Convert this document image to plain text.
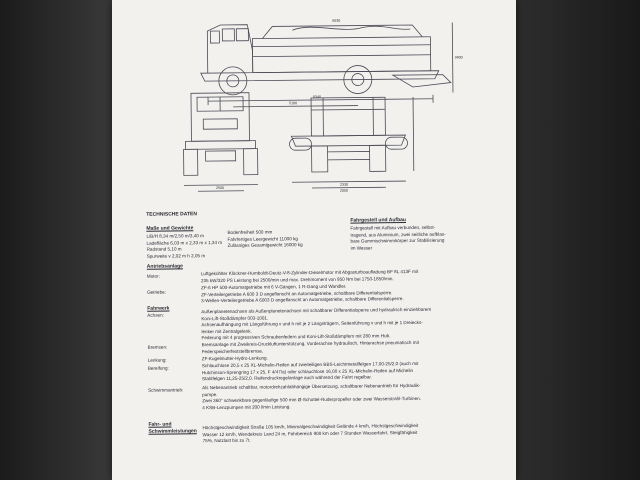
8340
5100
2500
2330
2050
3400
6030
TECHNISCHE DATEN
Maße und Gewichte
L/B/H 8,34 m/2,50 m/3,40 m
Ladefläche 6,03 m x 2,33 m x 1,34 m
Radstand 5,10 m
Spurweite v 2,02 m h 2,05 m
Bodenfreiheit 500 mm
Fahrfertiges Leergewicht 11000 kg
Zulässiges Gesamtgewicht 16000 kg
Fahrgestell und Aufbau
Fahrgestell mit Aufbau verbunden, selbst-
tragend, aus Aluminium, zwei seitliche aufblas-
bare Gummischwimmkörper zur Stabilisierung
im Wasser
Antriebsanlage
Motor:	Luftgekühlter Klöckner-Humboldt-Deutz-V-8-Zylinder-Dieselmotor mit Abgasturboaufladung BF 8L 413F mit
235 kW/320 PS Leistung bei 2500/min und max. Drehmoment von 950 Nm bei 1750-1850/min.
Getriebe:
ZF-6 HP 500-Automatgetriebe mit 6 V-Gängen, 1 R-Gang und Wandler.
ZF-Verteilergetriebe A 600 3 D angeflanscht an Automatgetriebe, schaltbare Differentialsperre.
3-Wellen-Verteilergetriebe A 6003 D angeflanscht an Automatgetriebe, schaltbare Differentialsperre.
Fahrwerk
Achsen:
Außenplanetenachsen als Außenplanetenachsen mit schaltbarer Differentialsperre und hydraulisch einziehbarem
Koni-Lift-Stoßdämpfer 003-1001.
Achsenaufhängung mit Längsführung v und h mit je 2 Längsträgern, Seitenführung v und h mit je 1 Dreiecks-
lenker mit Zentralgelenk.
Federung mit 4 progressiven Schraubenfedern und Koni-Lift-Stoßdämpfern mit 280 mm Hub.
Bremsen:	Bremsanlage mit Zweikreis-Druckluftunterstützung, Vorderachse hydraulisch, Hinterachse pneumatisch mit
Federspeicherfeststellbremse.
Lenkung:	ZF-Kugelmutter-Hydro-Lenkung.
Bereifung:	Schlauchlose 20,5 x 25 XL-Michelin-Reifen auf zweiteiligen BBS-Leichtmetallfelgen 17,00-25/2,0 (auch mit
Hutchinson-Sprengring 17 x 25, F 4/47/a) oder schlauchlose 16,00 x 25 XL-Michelin-Reifen auf Michelin
Stahlfelgen 11,25-25/2,0. Reifendruckregelanlage auch während der Fahrt regelbar.
Schwimmantrieb:	Als Nebenantrieb schaltbar, motordrehzahlabhängige Übersetzung, schaltbarer Nebenantrieb für Hydraulik-
pumpe.
Zwei 360° schwenkbare gegenläufige 500 mm Ø-Schottel-Ruderpropeller oder zwei Wasserstrahl-Turbinen.
4 KSB-Lenzpumpen mit 200 l/min Leistung.
Fahr- und
Schwimmleistungen
Höchstgeschwindigkeit Straße 105 km/h, Minimalgeschwindigkeit Gelände 4 km/h, Höchstgeschwindigkeit
Wasser 12 km/h, Wendekreis Land 24 m, Fahrbereich 900 km oder 7 Stunden Wasserfahrt, Steigfähigkeit
75%, Nutzlast bis zu 7t.
